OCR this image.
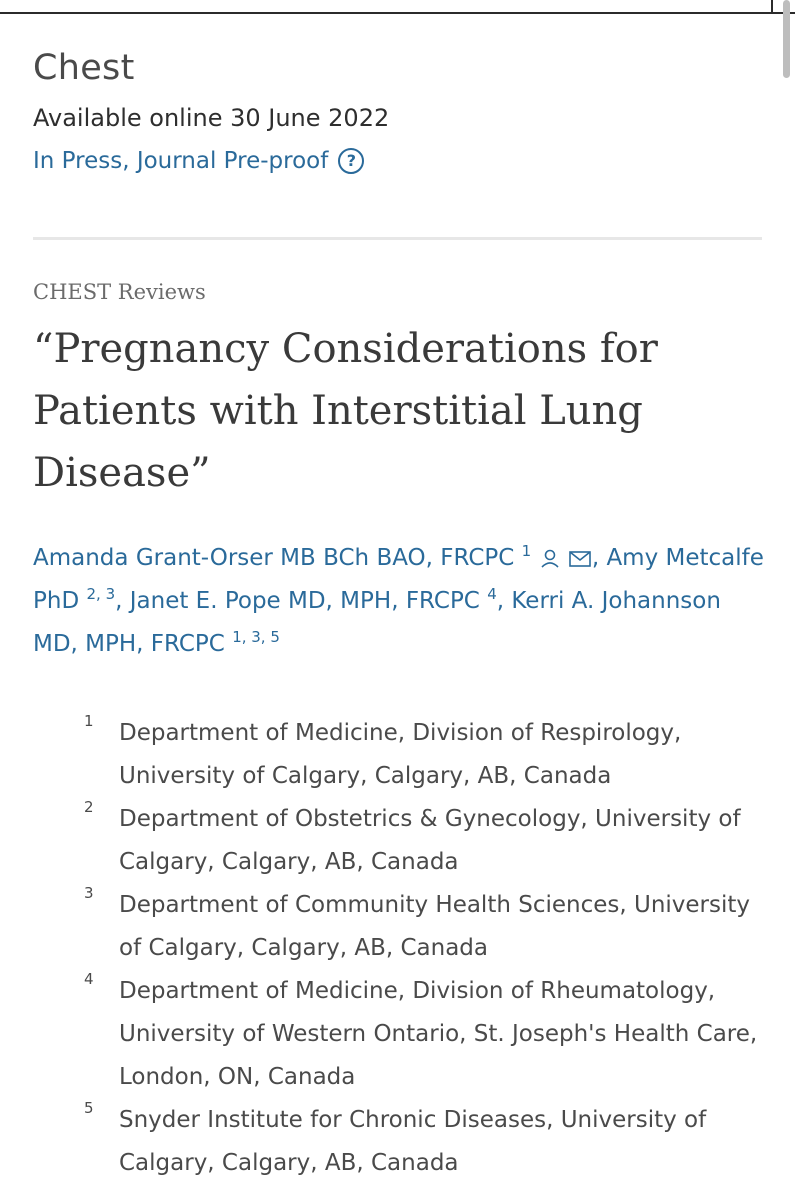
Chest
Available online 30 June 2022
In Press, Journal Pre-proof	?
CHEST Reviews
“Pregnancy Considerations for Patients with Interstitial Lung Disease”
Amanda Grant-Orser MB BCh BAO, FRCPC $^1$	, Amy Metcalfe PhD $^{2, 3}$, Janet E. Pope MD, MPH, FRCPC $^4$, Kerri A. Johannson MD, MPH, FRCPC $^{1, 3, 5}$
1 Department of Medicine, Division of Respirology, University of Calgary, Calgary, AB, Canada
2 Department of Obstetrics & Gynecology, University of Calgary, Calgary, AB, Canada
3 Department of Community Health Sciences, University of Calgary, Calgary, AB, Canada
4 Department of Medicine, Division of Rheumatology, University of Western Ontario, St. Joseph's Health Care, London, ON, Canada
5 Snyder Institute for Chronic Diseases, University of Calgary, Calgary, AB, Canada
